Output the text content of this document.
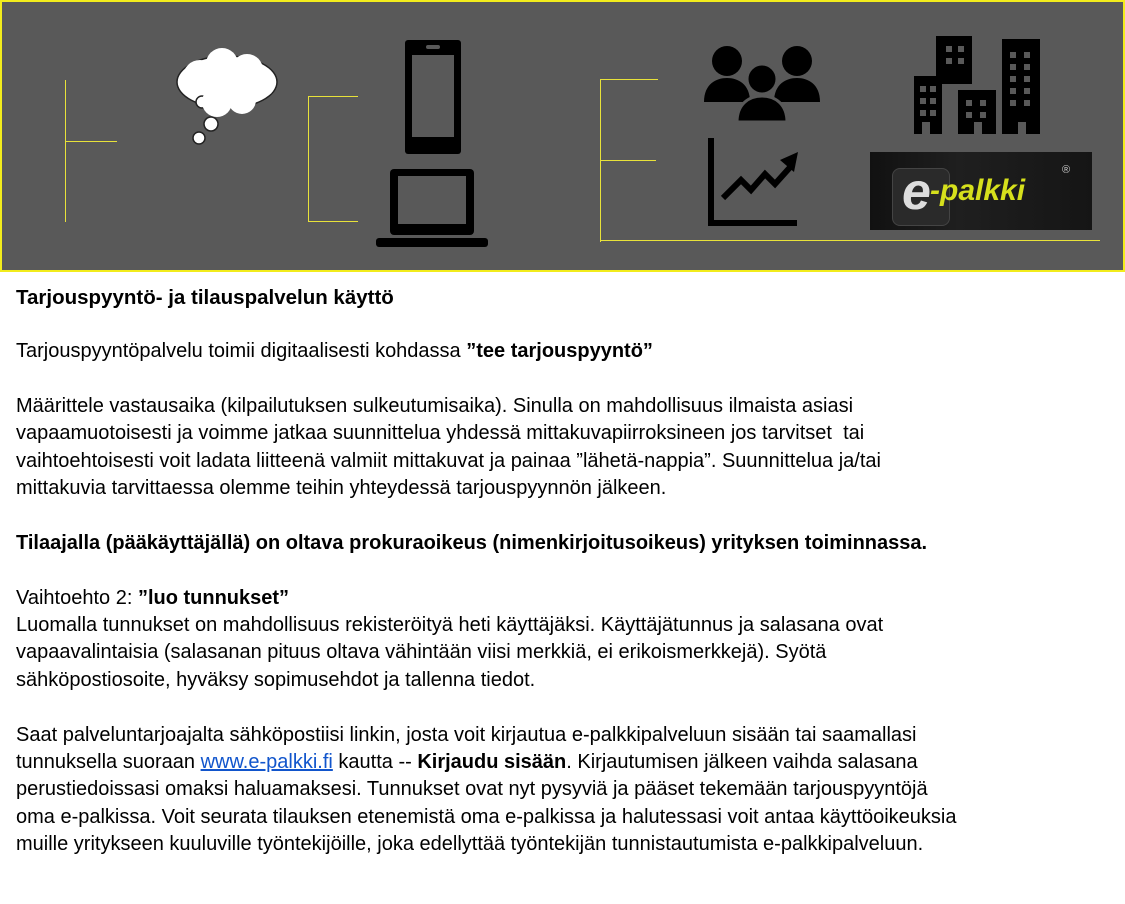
e -palkki
®
Tarjouspyyntö- ja tilauspalvelun käyttö
Tarjouspyyntöpalvelu toimii digitaalisesti kohdassa ”tee tarjouspyyntö”
Määrittele vastausaika (kilpailutuksen sulkeutumisaika). Sinulla on mahdollisuus ilmaista asiasi
vapaamuotoisesti ja voimme jatkaa suunnittelua yhdessä mittakuvapiirroksineen jos tarvitset  tai
vaihtoehtoisesti voit ladata liitteenä valmiit mittakuvat ja painaa ”lähetä-nappia”. Suunnittelua ja/tai
mittakuvia tarvittaessa olemme teihin yhteydessä tarjouspyynnön jälkeen.
Tilaajalla (pääkäyttäjällä) on oltava prokuraoikeus (nimenkirjoitusoikeus) yrityksen toiminnassa.
Vaihtoehto 2: ”luo tunnukset”
Luomalla tunnukset on mahdollisuus rekisteröityä heti käyttäjäksi. Käyttäjätunnus ja salasana ovat
vapaavalintaisia (salasanan pituus oltava vähintään viisi merkkiä, ei erikoismerkkejä). Syötä
sähköpostiosoite, hyväksy sopimusehdot ja tallenna tiedot.
Saat palveluntarjoajalta sähköpostiisi linkin, josta voit kirjautua e-palkkipalveluun sisään tai saamallasi
tunnuksella suoraan www.e-palkki.fi kautta -- Kirjaudu sisään. Kirjautumisen jälkeen vaihda salasana
perustiedoissasi omaksi haluamaksesi. Tunnukset ovat nyt pysyviä ja pääset tekemään tarjouspyyntöjä
oma e-palkissa. Voit seurata tilauksen etenemistä oma e-palkissa ja halutessasi voit antaa käyttöoikeuksia
muille yritykseen kuuluville työntekijöille, joka edellyttää työntekijän tunnistautumista e-palkkipalveluun.
